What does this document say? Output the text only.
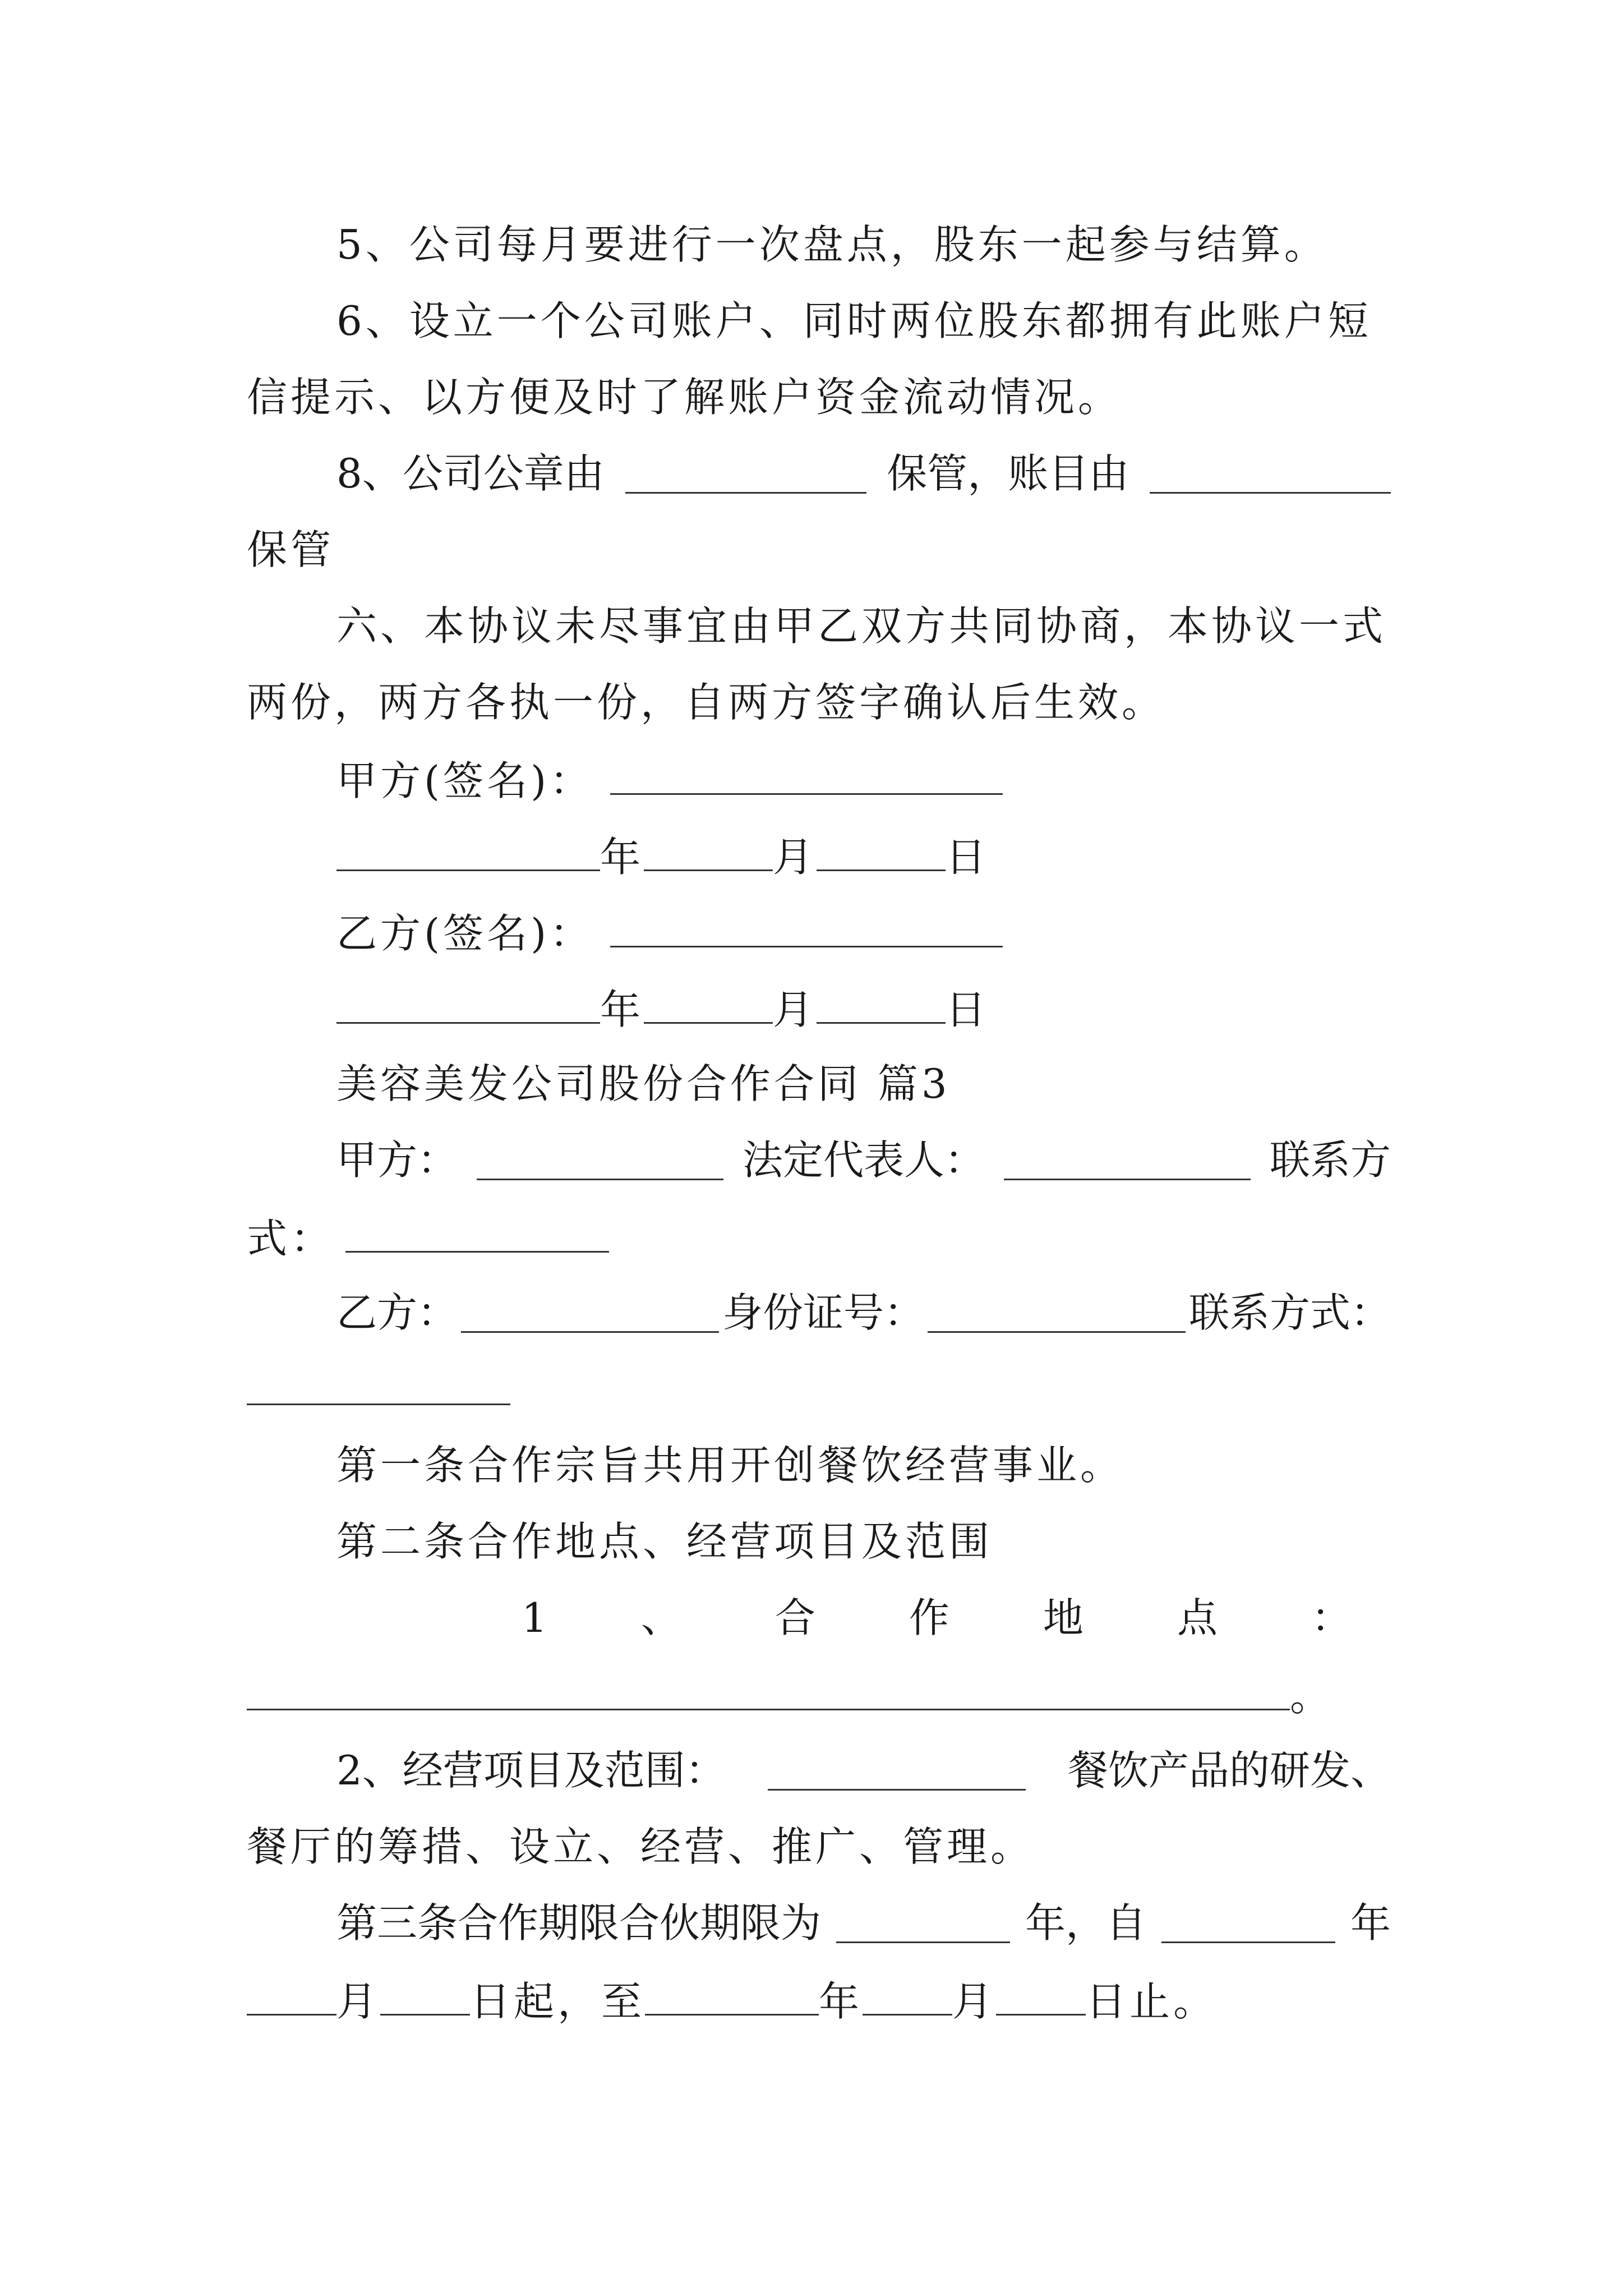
5、公司每月要进行一次盘点，股东一起参与结算。
6、设立一个公司账户、同时两位股东都拥有此账户短
信提示、以方便及时了解账户资金流动情况。
8、公司公章由	保管，账目由
保管
六、本协议未尽事宜由甲乙双方共同协商，本协议一式
两份，两方各执一份，自两方签字确认后生效。
甲方(签名)：
年	月	日
乙方(签名)：
年	月	日
美容美发公司股份合作合同 篇3
甲方：	法定代表人：	联系方
式：
乙方：	身份证号：	联系方式：
第一条合作宗旨共用开创餐饮经营事业。
第二条合作地点、经营项目及范围
1 、 合 作 地 点 ：
。
2、经营项目及范围：	餐饮产品的研发、
餐厅的筹措、设立、经营、推广、管理。
第三条合作期限合伙期限为	年，自	年
月 日起，至	年 月 日止。
